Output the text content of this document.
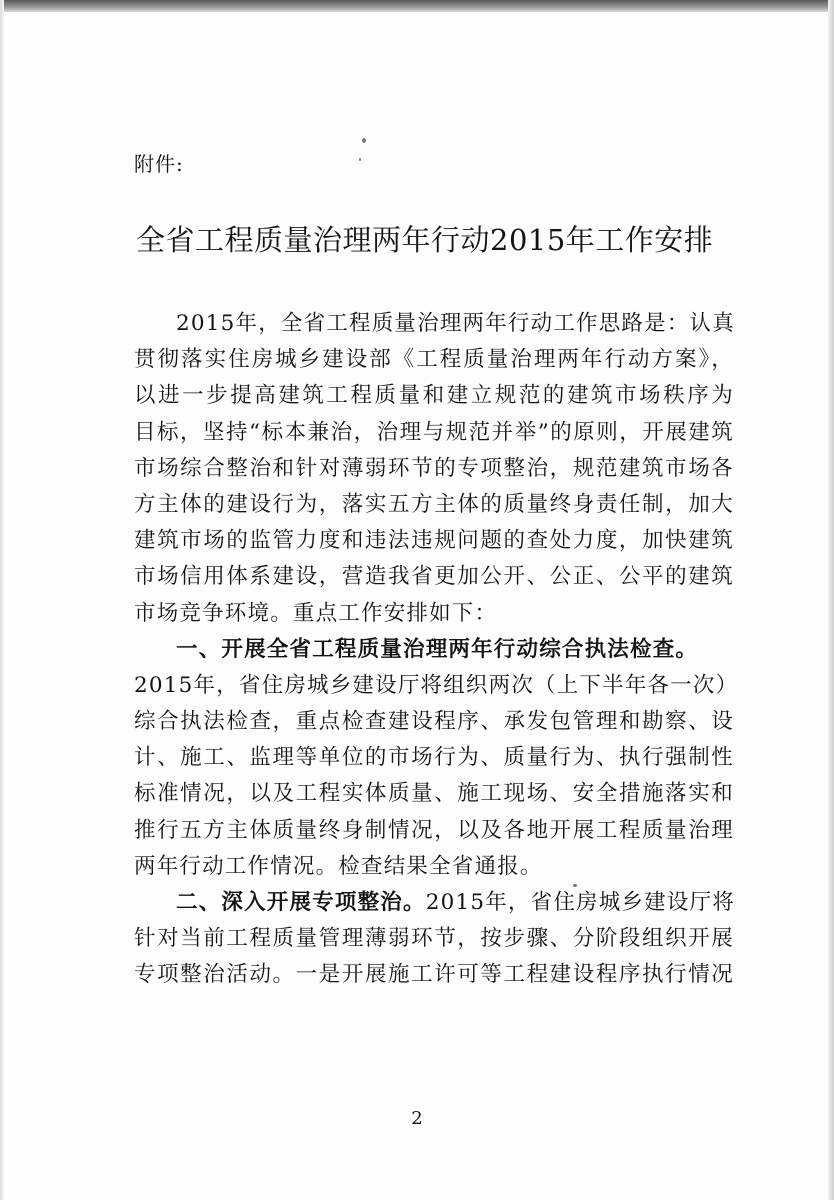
附件:
全省工程质量治理两年行动2015年工作安排
2015年，全省工程质量治理两年行动工作思路是：认真
贯彻落实住房城乡建设部《工程质量治理两年行动方案》，
以进一步提高建筑工程质量和建立规范的建筑市场秩序为
目标，坚持“标本兼治，治理与规范并举”的原则，开展建筑
市场综合整治和针对薄弱环节的专项整治，规范建筑市场各
方主体的建设行为，落实五方主体的质量终身责任制，加大
建筑市场的监管力度和违法违规问题的查处力度，加快建筑
市场信用体系建设，营造我省更加公开、公正、公平的建筑
市场竞争环境。重点工作安排如下：
一、开展全省工程质量治理两年行动综合执法检查。
2015年，省住房城乡建设厅将组织两次（上下半年各一次）
综合执法检查，重点检查建设程序、承发包管理和勘察、设
计、施工、监理等单位的市场行为、质量行为、执行强制性
标准情况，以及工程实体质量、施工现场、安全措施落实和
推行五方主体质量终身制情况，以及各地开展工程质量治理
两年行动工作情况。检查结果全省通报。
二、深入开展专项整治。2015年，省住房城乡建设厅将
针对当前工程质量管理薄弱环节，按步骤、分阶段组织开展
专项整治活动。一是开展施工许可等工程建设程序执行情况
2
